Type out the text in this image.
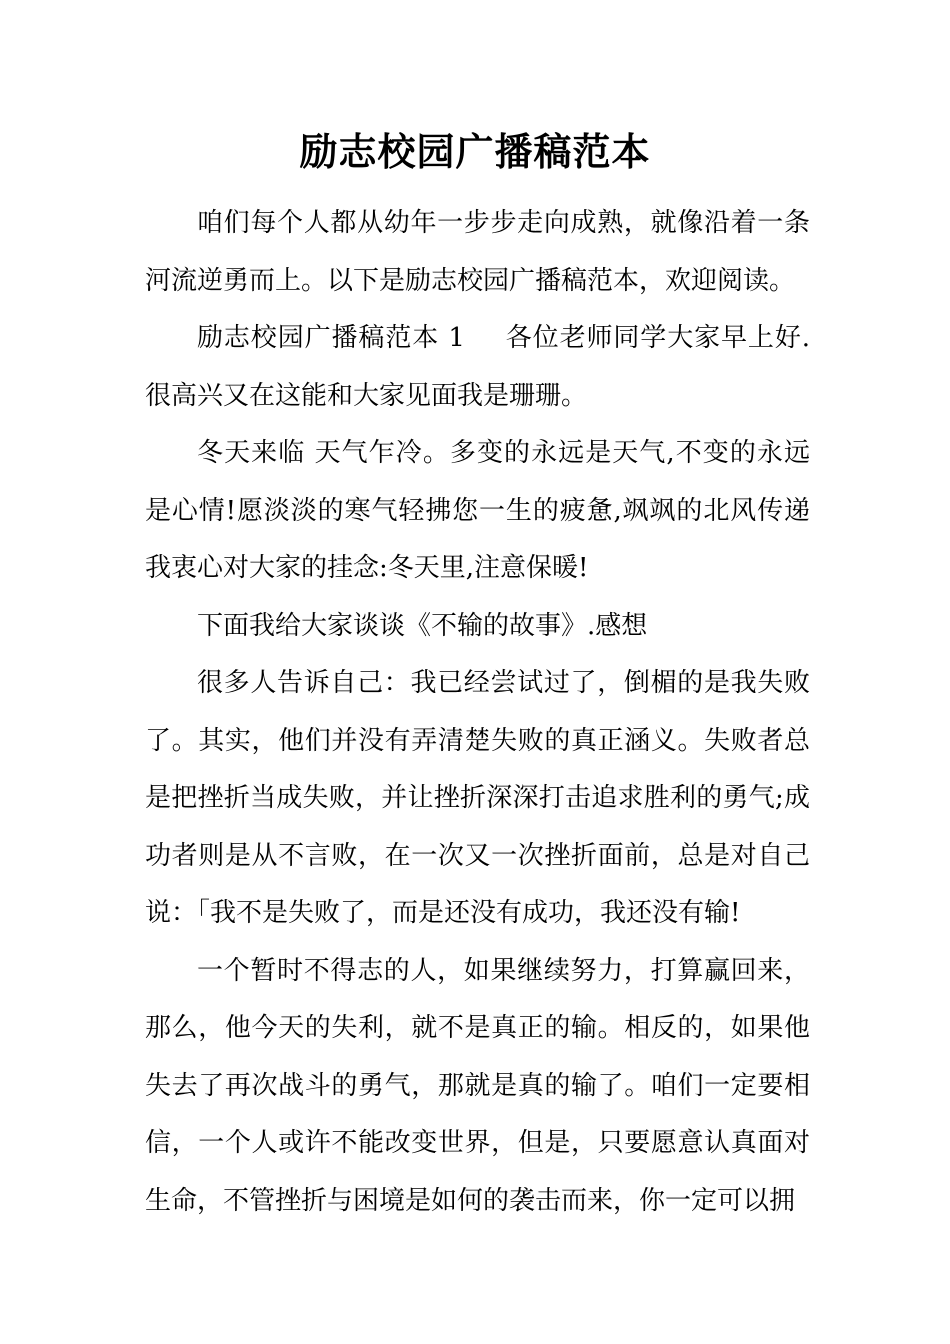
励志校园广播稿范本

咱们每个人都从幼年一步步走向成熟，就像沿着一条河流逆勇而上。以下是励志校园广播稿范本，欢迎阅读。

励志校园广播稿范本 1 各位老师同学大家早上好.很高兴又在这能和大家见面我是珊珊。

冬天来临 天气乍冷。多变的永远是天气,不变的永远是心情!愿淡淡的寒气轻拂您一生的疲惫,飒飒的北风传递我衷心对大家的挂念:冬天里,注意保暖!

下面我给大家谈谈《不输的故事》.感想

很多人告诉自己：我已经尝试过了，倒楣的是我失败了。其实，他们并没有弄清楚失败的真正涵义。失败者总是把挫折当成失败，并让挫折深深打击追求胜利的勇气;成功者则是从不言败，在一次又一次挫折面前，总是对自己说：「我不是失败了，而是还没有成功，我还没有输!

一个暂时不得志的人，如果继续努力，打算赢回来，那么，他今天的失利，就不是真正的输。相反的，如果他失去了再次战斗的勇气，那就是真的输了。咱们一定要相信，一个人或许不能改变世界，但是，只要愿意认真面对生命，不管挫折与困境是如何的袭击而来，你一定可以拥
